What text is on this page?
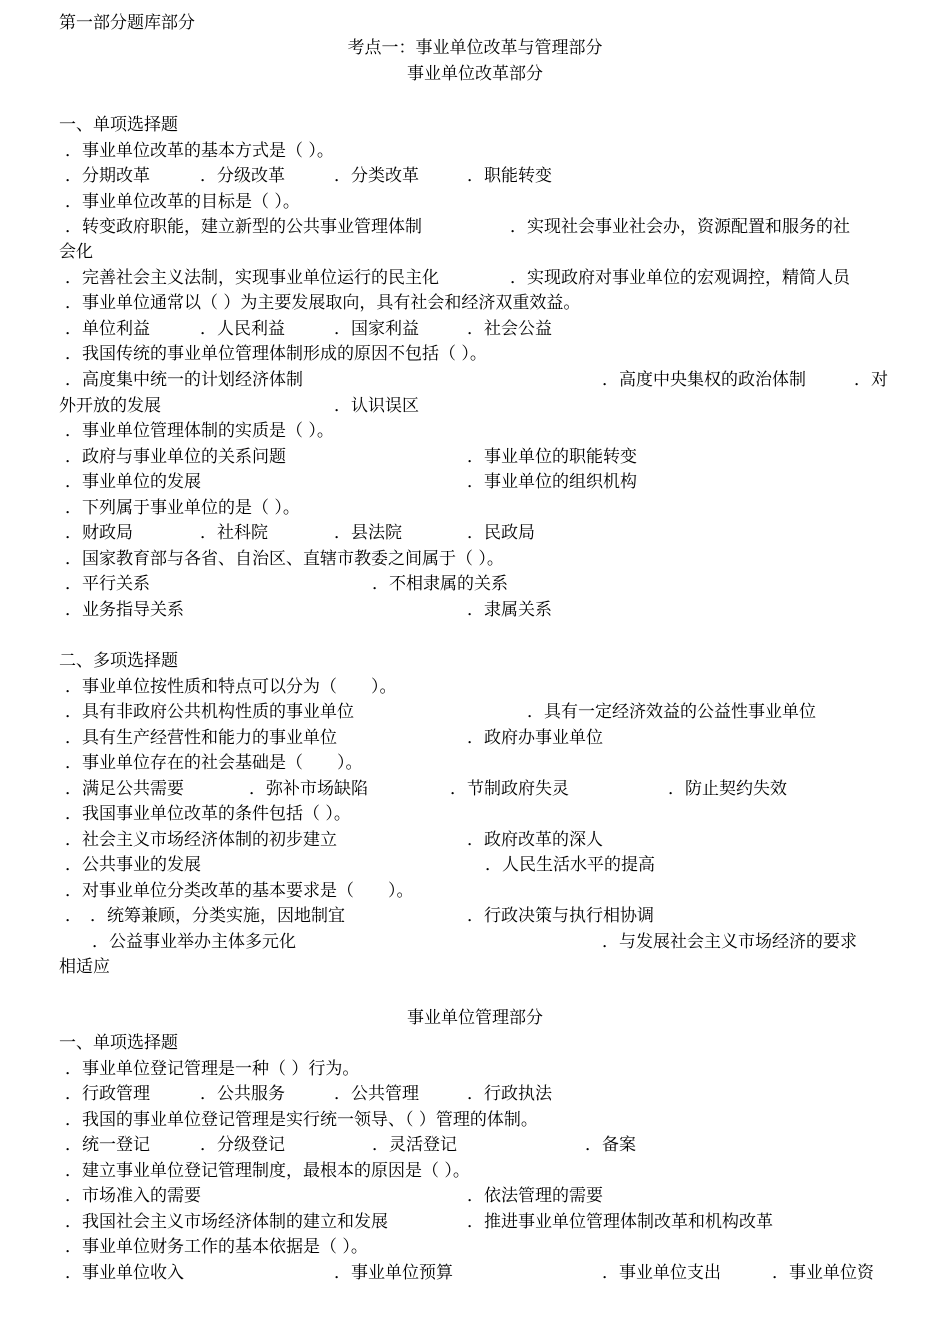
第一部分题库部分
考点一：事业单位改革与管理部分
事业单位改革部分
一、单项选择题
．事业单位改革的基本方式是（ ）。
．分期改革	．分级改革	．分类改革	．职能转变
．事业单位改革的目标是（ ）。
．转变政府职能，建立新型的公共事业管理体制	．实现社会事业社会办，资源配置和服务的社
会化
．完善社会主义法制，实现事业单位运行的民主化	．实现政府对事业单位的宏观调控，精简人员
．事业单位通常以（ ）为主要发展取向，具有社会和经济双重效益。
．单位利益	．人民利益	．国家利益	．社会公益
．我国传统的事业单位管理体制形成的原因不包括（ ）。
．高度集中统一的计划经济体制	．高度中央集权的政治体制	．对
外开放的发展	．认识误区
．事业单位管理体制的实质是（ ）。
．政府与事业单位的关系问题	．事业单位的职能转变
．事业单位的发展	．事业单位的组织机构
．下列属于事业单位的是（ ）。
．财政局	．社科院	．县法院	．民政局
．国家教育部与各省、自治区、直辖市教委之间属于（ ）。
．平行关系	．不相隶属的关系
．业务指导关系	．隶属关系
二、多项选择题
．事业单位按性质和特点可以分为（　　）。
．具有非政府公共机构性质的事业单位	．具有一定经济效益的公益性事业单位
．具有生产经营性和能力的事业单位	．政府办事业单位
．事业单位存在的社会基础是（　　）。
．满足公共需要	．弥补市场缺陷	．节制政府失灵	．防止契约失效
．我国事业单位改革的条件包括（ ）。
．社会主义市场经济体制的初步建立	．政府改革的深人
．公共事业的发展	．人民生活水平的提高
．对事业单位分类改革的基本要求是（　　）。
． ．统筹兼顾，分类实施，因地制宜	．行政决策与执行相协调
．公益事业举办主体多元化	．与发展社会主义市场经济的要求
相适应
事业单位管理部分
一、单项选择题
．事业单位登记管理是一种（ ）行为。
．行政管理	．公共服务	．公共管理	．行政执法
．我国的事业单位登记管理是实行统一领导、（ ）管理的体制。
．统一登记	．分级登记	．灵活登记	．备案
．建立事业单位登记管理制度，最根本的原因是（ ）。
．市场准入的需要	．依法管理的需要
．我国社会主义市场经济体制的建立和发展	．推进事业单位管理体制改革和机构改革
．事业单位财务工作的基本依据是（ ）。
．事业单位收入	．事业单位预算	．事业单位支出	．事业单位资
